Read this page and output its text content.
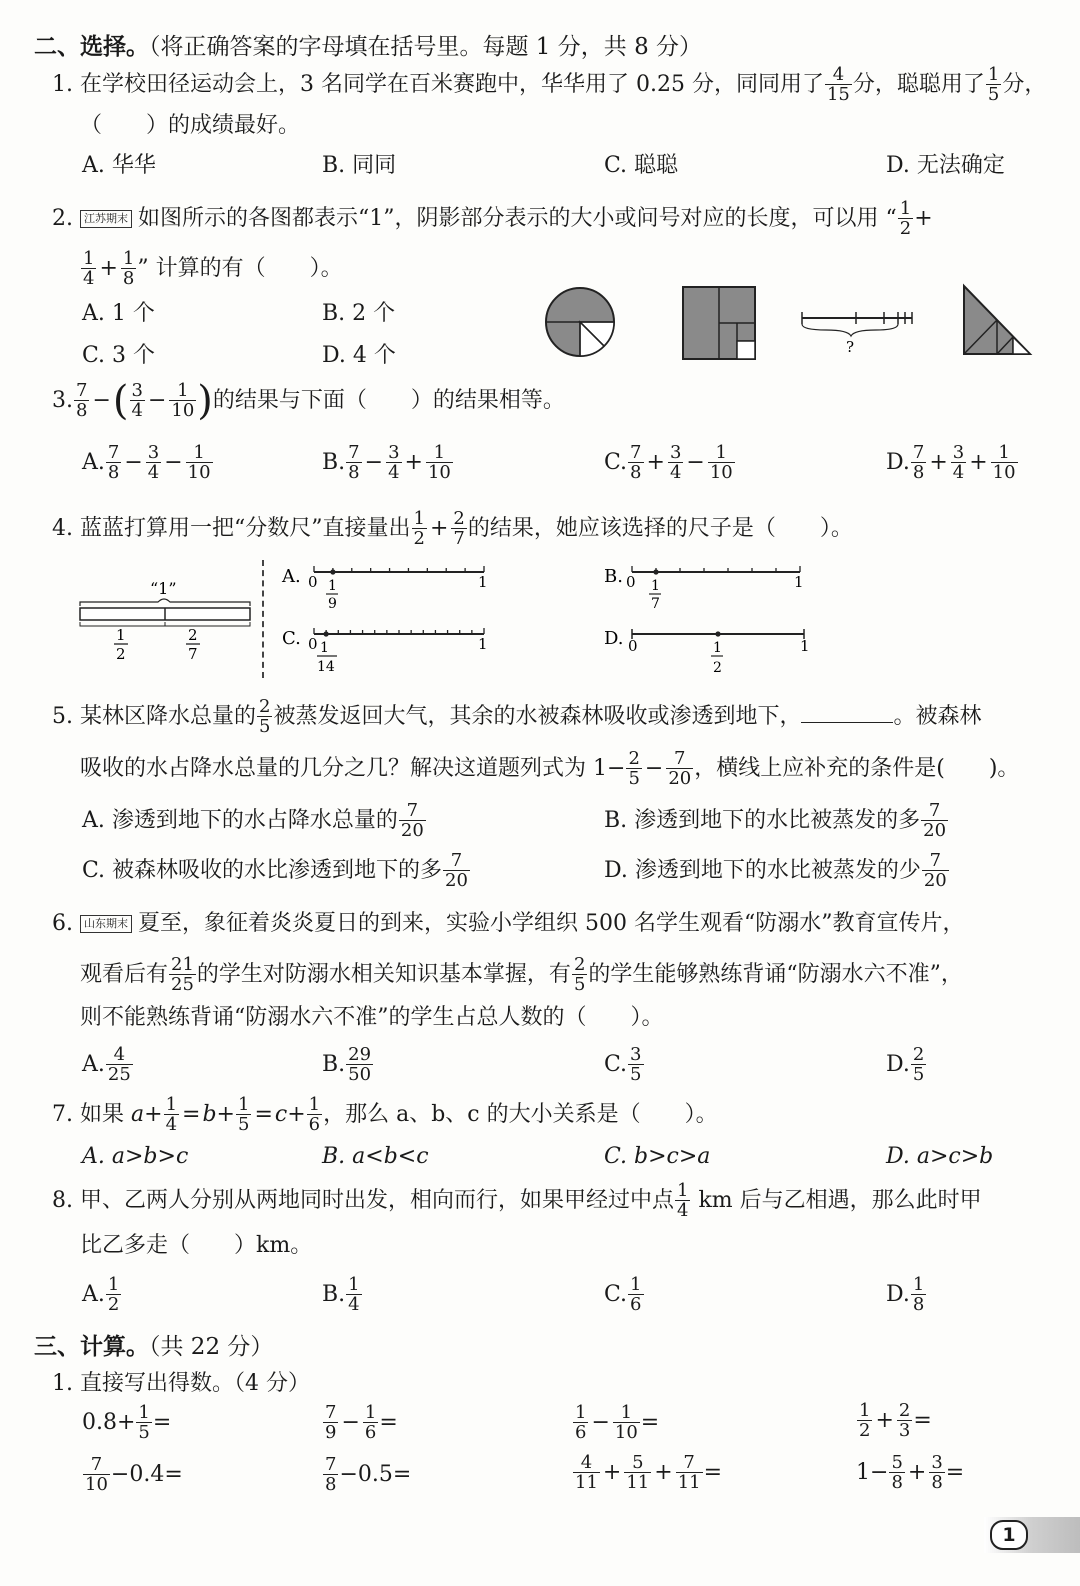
二、选择。（将正确答案的字母填在括号里。每题 1 分，共 8 分）
1. 在学校田径运动会上，3 名同学在百米赛跑中，华华用了 0.25 分，同同用了 $\frac{4}{15}$ 分，聪聪用了 $\frac{1}{5}$ 分，
（　　）的成绩最好。
A. 华华	B. 同同	C. 聪聪	D. 无法确定
2. 江苏期末 如图所示的各图都表示“1”，阴影部分表示的大小或问号对应的长度，可以用 “ $\frac{1}{2}$ +
$\frac{1}{4} + \frac{1}{8}$ ” 计算的有（　　）。
A. 1 个	B. 2 个
C. 3 个	D. 4 个	?
3. $\frac{7}{8}$ −( $\frac{3}{4} - \frac{1}{10}$ )的结果与下面（　　）的结果相等。
A. $\frac{7}{8} - \frac{3}{4} - \frac{1}{10}$	B. $\frac{7}{8} - \frac{3}{4} + \frac{1}{10}$	C. $\frac{7}{8} + \frac{3}{4} - \frac{1}{10}$	D. $\frac{7}{8} + \frac{3}{4} + \frac{1}{10}$
4. 蓝蓝打算用一把“分数尺”直接量出 $\frac{1}{2} + \frac{2}{7}$ 的结果，她应该选择的尺子是（　　）。
“1”
1
2
2
7
A. 0	1
1
9
B. 0	1
1
7
C. 0	1
1
14
D. 0	1
1
2
5. 某林区降水总量的 $\frac{2}{5}$ 被蒸发返回大气，其余的水被森林吸收或渗透到地下，	。被森林
吸收的水占降水总量的几分之几？解决这道题列式为 $1- \frac{2}{5} - \frac{7}{20}$ ，横线上应补充的条件是(　　)。
A. 渗透到地下的水占降水总量的 $\frac{7}{20}$	B. 渗透到地下的水比被蒸发的多 $\frac{7}{20}$
C. 被森林吸收的水比渗透到地下的多 $\frac{7}{20}$	D. 渗透到地下的水比被蒸发的少 $\frac{7}{20}$
6. 山东期末 夏至，象征着炎炎夏日的到来，实验小学组织 500 名学生观看“防溺水”教育宣传片，
观看后有 $\frac{21}{25}$ 的学生对防溺水相关知识基本掌握，有 $\frac{2}{5}$ 的学生能够熟练背诵“防溺水六不准”，
则不能熟练背诵“防溺水六不准”的学生占总人数的（　　）。
A. $\frac{4}{25}$	B. $\frac{29}{50}$	C. $\frac{3}{5}$	D. $\frac{2}{5}$
7. 如果 $a+ \frac{1}{4} =b+ \frac{1}{5} =c+ \frac{1}{6}$ ，那么 a、b、c 的大小关系是（　　）。
A. a>b>c	B. a<b<c	C. b>c>a	D. a>c>b
8. 甲、乙两人分别从两地同时出发，相向而行，如果甲经过中点 $\frac{1}{4}$ km 后与乙相遇，那么此时甲
比乙多走（　　）km。
A. $\frac{1}{2}$	B. $\frac{1}{4}$	C. $\frac{1}{6}$	D. $\frac{1}{8}$
三、计算。（共 22 分）
1. 直接写出得数。（4 分）
$0.8+ \frac{1}{5}$ =	$\frac{7}{9} - \frac{1}{6}$ =	$\frac{1}{6} - \frac{1}{10}$ =	$\frac{1}{2} + \frac{2}{3}$ =
$\frac{7}{10} -0.4=$	$\frac{7}{8} -0.5=$	$\frac{4}{11} + \frac{5}{11} + \frac{7}{11}$ =	$1- \frac{5}{8} + \frac{3}{8}$ =
1
